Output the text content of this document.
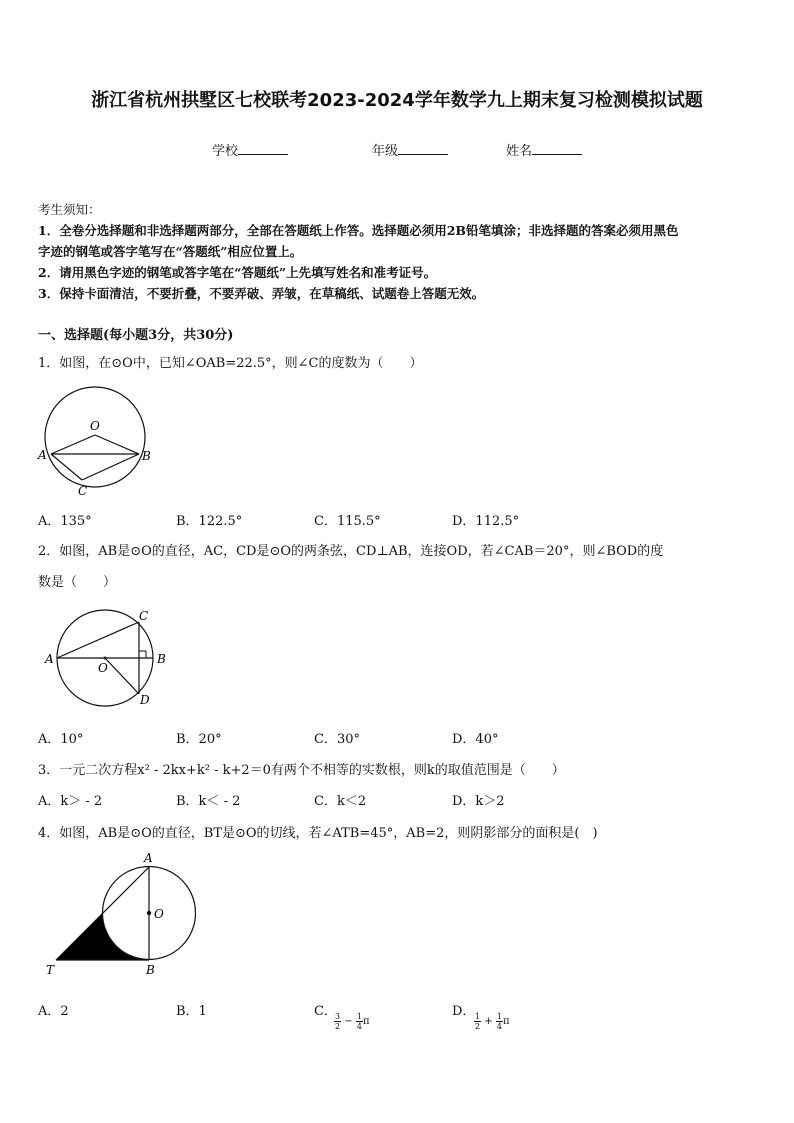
浙江省杭州拱墅区七校联考2023-2024学年数学九上期末复习检测模拟试题
学校	年级	姓名
考生须知：
1．全卷分选择题和非选择题两部分，全部在答题纸上作答。选择题必须用2B铅笔填涂；非选择题的答案必须用黑色
字迹的钢笔或答字笔写在“答题纸”相应位置上。
2．请用黑色字迹的钢笔或答字笔在“答题纸”上先填写姓名和准考证号。
3．保持卡面清洁，不要折叠，不要弄破、弄皱，在草稿纸、试题卷上答题无效。
一、选择题(每小题3分，共30分)
1．如图，在⊙O中，已知∠OAB=22.5°，则∠C的度数为（　　）
O
A	B
C
A．135°	B．122.5°	C．115.5°	D．112.5°
2．如图，AB是⊙O的直径，AC，CD是⊙O的两条弦，CD⊥AB，连接OD，若∠CAB＝20°，则∠BOD的度
数是（　　）
C
A
O
B
D
A．10°	B．20°	C．30°	D．40°
3．一元二次方程x² - 2kx+k² - k+2＝0有两个不相等的实数根，则k的取值范围是（　　）
A．k＞ - 2	B．k＜ - 2	C．k＜2	D．k＞2
4．如图，AB是⊙O的直径，BT是⊙O的切线，若∠ATB=45°，AB=2，则阴影部分的面积是(　)
A
O
T	B
A．2	B．1	C．
$\frac{3}{2} - \frac{1}{4}$ π
D．
$\frac{1}{2} + \frac{1}{4}$ π
